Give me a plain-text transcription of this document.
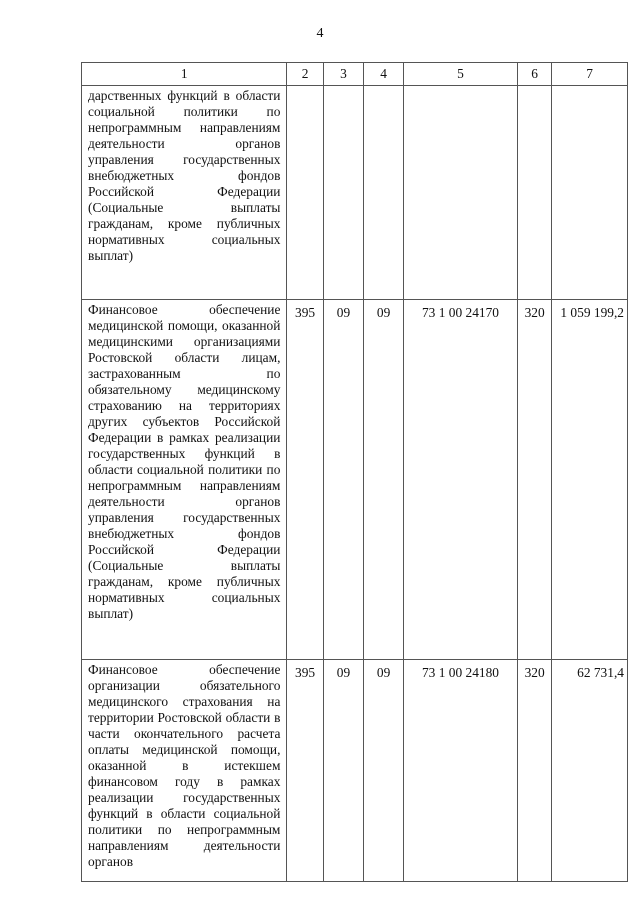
4
1	2	3	4	5	6	7
дарственных функций в области социальной политики по непрограммным направлениям деятельности органов управления государственных внебюджетных фондов Российской Федерации (Социальные выплаты гражданам, кроме публичных нормативных социальных выплат)						
Финансовое обеспечение медицинской помощи, оказанной медицинскими организациями Ростовской области лицам, застрахованным по обязательному медицинскому страхованию на территориях других субъектов Российской Федерации в рамках реализации государственных функций в области социальной политики по непрограммным направлениям деятельности органов управления государственных внебюджетных фондов Российской Федерации (Социальные выплаты гражданам, кроме публичных нормативных социальных выплат)	395	09	09	73 1 00 24170	320	1 059 199,2
Финансовое обеспечение организации обязательного медицинского страхования на территории Ростовской области в части окончательного расчета оплаты медицинской помощи, оказанной в истекшем финансовом году в рамках реализации государственных функций в области социальной политики по непрограммным направлениям деятельности органов	395	09	09	73 1 00 24180	320	62 731,4
